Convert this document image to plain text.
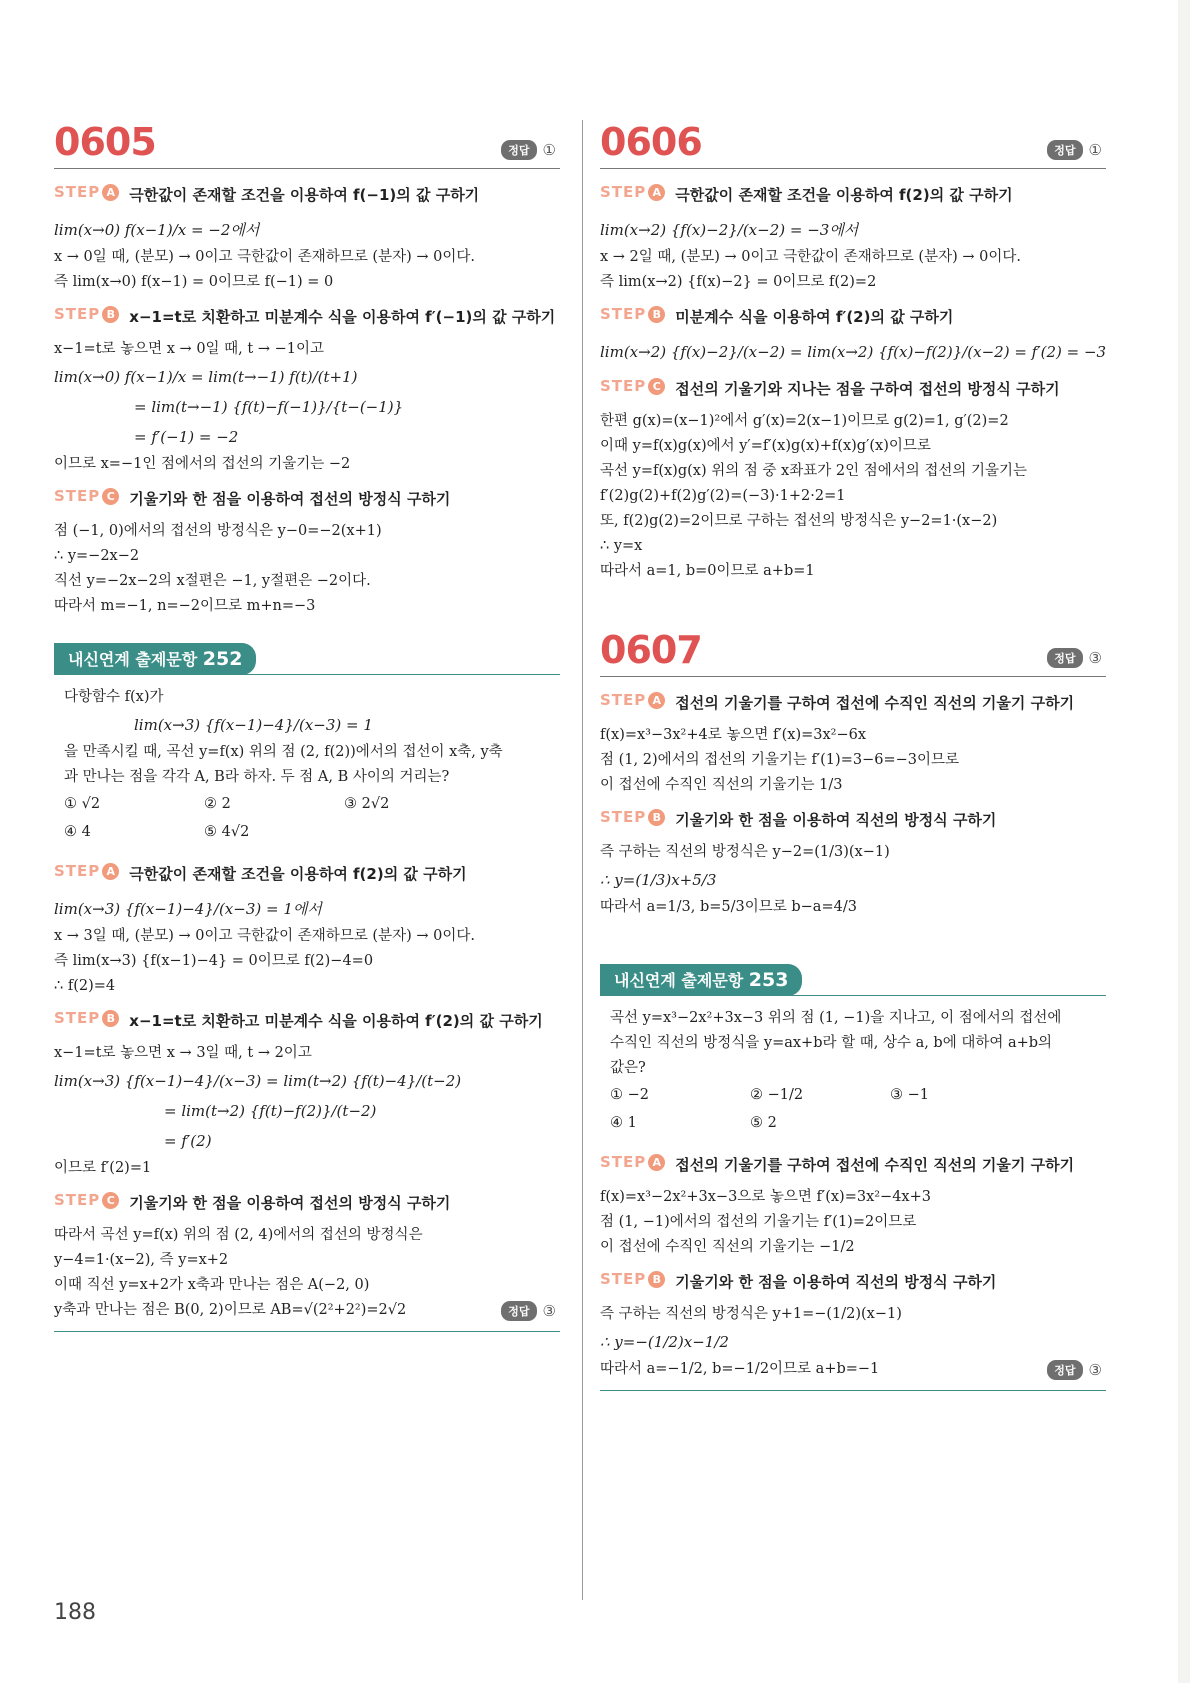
0605	정답 ①
STEP A 극한값이 존재할 조건을 이용하여 f(−1)의 값 구하기

lim(x→0) f(x−1)/x = −2에서

x → 0일 때, (분모) → 0이고 극한값이 존재하므로 (분자) → 0이다.

즉 lim(x→0) f(x−1) = 0이므로 f(−1) = 0

STEP B x−1=t로 치환하고 미분계수 식을 이용하여 f′(−1)의 값 구하기

x−1=t로 놓으면 x → 0일 때, t → −1이고

lim(x→0) f(x−1)/x = lim(t→−1) f(t)/(t+1)

= lim(t→−1) {f(t)−f(−1)}/{t−(−1)}

= f′(−1) = −2

이므로 x=−1인 점에서의 접선의 기울기는 −2

STEP C 기울기와 한 점을 이용하여 접선의 방정식 구하기

점 (−1, 0)에서의 접선의 방정식은 y−0=−2(x+1)

∴ y=−2x−2

직선 y=−2x−2의 x절편은 −1, y절편은 −2이다.

따라서 m=−1, n=−2이므로 m+n=−3

내신연계 출제문항 252

다항함수 f(x)가

lim(x→3) {f(x−1)−4}/(x−3) = 1

을 만족시킬 때, 곡선 y=f(x) 위의 점 (2, f(2))에서의 접선이 x축, y축

과 만나는 점을 각각 A, B라 하자. 두 점 A, B 사이의 거리는?

① √2	② 2	③ 2√2
④ 4	⑤ 4√2
STEP A 극한값이 존재할 조건을 이용하여 f(2)의 값 구하기

lim(x→3) {f(x−1)−4}/(x−3) = 1에서

x → 3일 때, (분모) → 0이고 극한값이 존재하므로 (분자) → 0이다.

즉 lim(x→3) {f(x−1)−4} = 0이므로 f(2)−4=0

∴ f(2)=4

STEP B x−1=t로 치환하고 미분계수 식을 이용하여 f′(2)의 값 구하기

x−1=t로 놓으면 x → 3일 때, t → 2이고

lim(x→3) {f(x−1)−4}/(x−3) = lim(t→2) {f(t)−4}/(t−2)

= lim(t→2) {f(t)−f(2)}/(t−2)

= f′(2)

이므로 f′(2)=1

STEP C 기울기와 한 점을 이용하여 접선의 방정식 구하기

따라서 곡선 y=f(x) 위의 점 (2, 4)에서의 접선의 방정식은

y−4=1·(x−2), 즉 y=x+2

이때 직선 y=x+2가 x축과 만나는 점은 A(−2, 0)

y축과 만나는 점은 B(0, 2)이므로 AB=√(2²+2²)=2√2	정답 ③
0606	정답 ①
STEP A 극한값이 존재할 조건을 이용하여 f(2)의 값 구하기

lim(x→2) {f(x)−2}/(x−2) = −3에서

x → 2일 때, (분모) → 0이고 극한값이 존재하므로 (분자) → 0이다.

즉 lim(x→2) {f(x)−2} = 0이므로 f(2)=2

STEP B 미분계수 식을 이용하여 f′(2)의 값 구하기

lim(x→2) {f(x)−2}/(x−2) = lim(x→2) {f(x)−f(2)}/(x−2) = f′(2) = −3

STEP C 접선의 기울기와 지나는 점을 구하여 접선의 방정식 구하기

한편 g(x)=(x−1)²에서 g′(x)=2(x−1)이므로 g(2)=1, g′(2)=2

이때 y=f(x)g(x)에서 y′=f′(x)g(x)+f(x)g′(x)이므로

곡선 y=f(x)g(x) 위의 점 중 x좌표가 2인 점에서의 접선의 기울기는

f′(2)g(2)+f(2)g′(2)=(−3)·1+2·2=1

또, f(2)g(2)=2이므로 구하는 접선의 방정식은 y−2=1·(x−2)

∴ y=x

따라서 a=1, b=0이므로 a+b=1

0607	정답 ③
STEP A 접선의 기울기를 구하여 접선에 수직인 직선의 기울기 구하기

f(x)=x³−3x²+4로 놓으면 f′(x)=3x²−6x

점 (1, 2)에서의 접선의 기울기는 f′(1)=3−6=−3이므로

이 접선에 수직인 직선의 기울기는 1/3

STEP B 기울기와 한 점을 이용하여 직선의 방정식 구하기

즉 구하는 직선의 방정식은 y−2=(1/3)(x−1)

∴ y=(1/3)x+5/3

따라서 a=1/3, b=5/3이므로 b−a=4/3

내신연계 출제문항 253

곡선 y=x³−2x²+3x−3 위의 점 (1, −1)을 지나고, 이 점에서의 접선에

수직인 직선의 방정식을 y=ax+b라 할 때, 상수 a, b에 대하여 a+b의

값은?

① −2	② −1/2	③ −1
④ 1	⑤ 2
STEP A 접선의 기울기를 구하여 접선에 수직인 직선의 기울기 구하기

f(x)=x³−2x²+3x−3으로 놓으면 f′(x)=3x²−4x+3

점 (1, −1)에서의 접선의 기울기는 f′(1)=2이므로

이 접선에 수직인 직선의 기울기는 −1/2

STEP B 기울기와 한 점을 이용하여 직선의 방정식 구하기

즉 구하는 직선의 방정식은 y+1=−(1/2)(x−1)

∴ y=−(1/2)x−1/2

따라서 a=−1/2, b=−1/2이므로 a+b=−1	정답 ③
188
